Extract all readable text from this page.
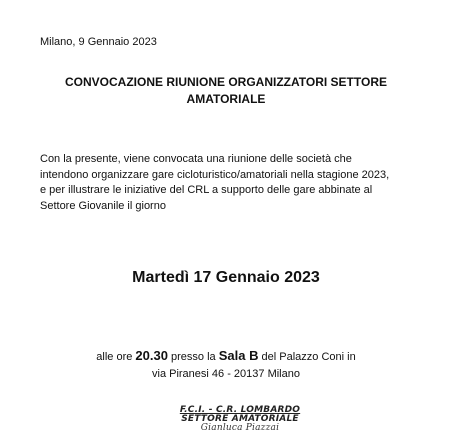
Milano, 9 Gennaio 2023
CONVOCAZIONE RIUNIONE ORGANIZZATORI SETTORE
AMATORIALE

Con la presente, viene convocata una riunione delle società che

intendono organizzare gare cicloturistico/amatoriali nella stagione 2023,

e per illustrare le iniziative del CRL a supporto delle gare abbinate al

Settore Giovanile il giorno

Martedì 17 Gennaio 2023
alle ore 20.30 presso la Sala B del Palazzo Coni in
via Piranesi 46 - 20137 Milano
F.C.I. - C.R. LOMBARDO
SETTORE AMATORIALE
Gianluca Piazzai
